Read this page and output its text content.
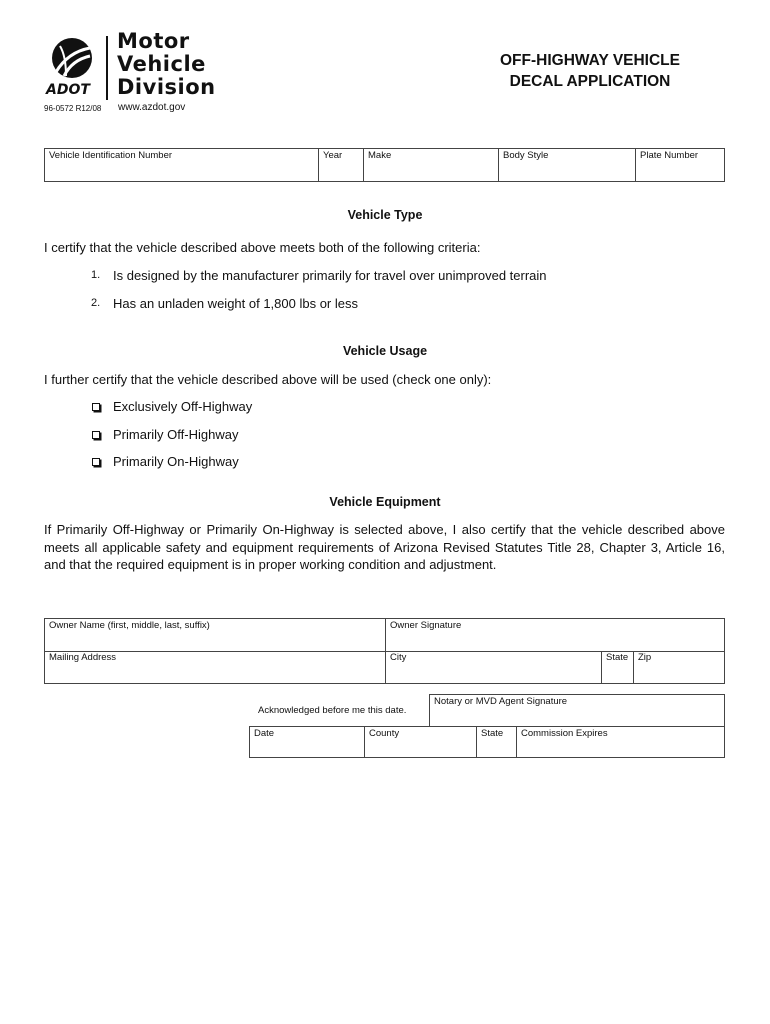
ADOT
Motor
Vehicle
Division
96-0572 R12/08 www.azdot.gov
OFF-HIGHWAY VEHICLE
DECAL APPLICATION
Vehicle Identification Number	Year	Make	Body Style	Plate Number
Vehicle Type
I certify that the vehicle described above meets both of the following criteria:
1. Is designed by the manufacturer primarily for travel over unimproved terrain
2. Has an unladen weight of 1,800 lbs or less
Vehicle Usage
I further certify that the vehicle described above will be used (check one only):
Exclusively Off-Highway
Primarily Off-Highway
Primarily On-Highway
Vehicle Equipment
If Primarily Off-Highway or Primarily On-Highway is selected above, I also certify that the vehicle described above meets all applicable safety and equipment requirements of Arizona Revised Statutes Title 28, Chapter 3, Article 16, and that the required equipment is in proper working condition and adjustment.
Owner Name (first, middle, last, suffix)	Owner Signature
Mailing Address	City	State	Zip
Acknowledged before me this date.
Notary or MVD Agent Signature
Date	County	State	Commission Expires
